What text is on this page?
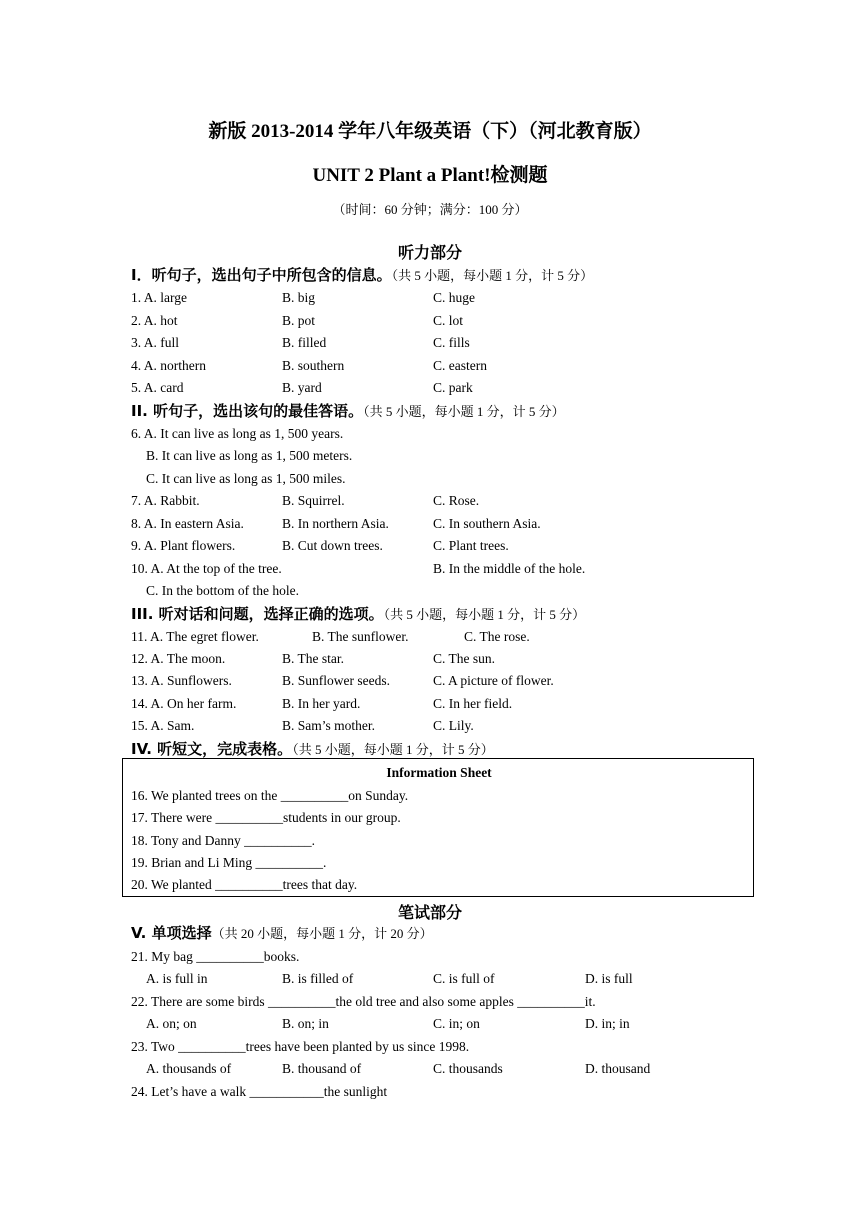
新版 2013-2014 学年八年级英语（下）（河北教育版）
UNIT 2 Plant a Plant!检测题
（时间：60 分钟；满分：100 分）
听力部分
I．听句子，选出句子中所包含的信息。（共 5 小题，每小题 1 分，计 5 分）
1. A. large	B. big	C. huge
2. A. hot	B. pot	C. lot
3. A. full	B. filled	C. fills
4. A. northern	B. southern	C. eastern
5. A. card	B. yard	C. park
II. 听句子，选出该句的最佳答语。（共 5 小题，每小题 1 分，计 5 分）
6. A. It can live as long as 1, 500 years.
B. It can live as long as 1, 500 meters.
C. It can live as long as 1, 500 miles.
7. A. Rabbit.	B. Squirrel.	C. Rose.
8. A. In eastern Asia.	B. In northern Asia.	C. In southern Asia.
9. A. Plant flowers.	B. Cut down trees.	C. Plant trees.
10. A. At the top of the tree.	B. In the middle of the hole.
C. In the bottom of the hole.
III. 听对话和问题，选择正确的选项。（共 5 小题，每小题 1 分，计 5 分）
11. A. The egret flower.	B. The sunflower.	C. The rose.
12. A. The moon.	B. The star.	C. The sun.
13. A. Sunflowers.	B. Sunflower seeds.	C. A picture of flower.
14. A. On her farm.	B. In her yard.	C. In her field.
15. A. Sam.	B. Sam’s mother.	C. Lily.
IV. 听短文，完成表格。（共 5 小题，每小题 1 分，计 5 分）
Information Sheet
16. We planted trees on the __________on Sunday.
17. There were __________students in our group.
18. Tony and Danny __________.
19. Brian and Li Ming __________.
20. We planted __________trees that day.
笔试部分
V. 单项选择（共 20 小题，每小题 1 分，计 20 分）
21. My bag __________books.
A. is full in	B. is filled of	C. is full of	D. is full
22. There are some birds __________the old tree and also some apples __________it.
A. on; on	B. on; in	C. in; on	D. in; in
23. Two __________trees have been planted by us since 1998.
A. thousands of	B. thousand of	C. thousands	D. thousand
24. Let’s have a walk ___________the sunlight
